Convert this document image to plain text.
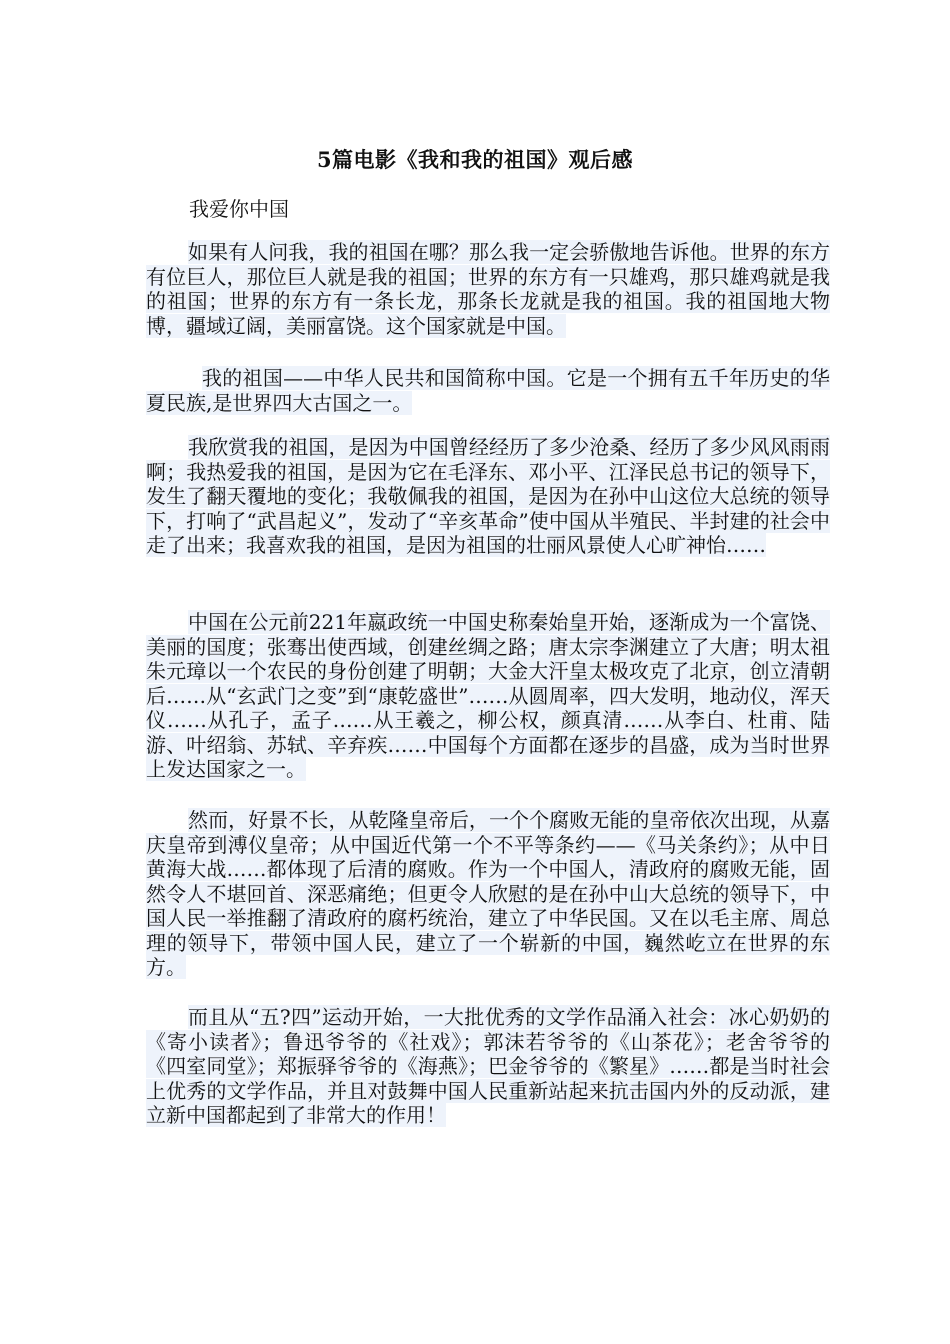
5篇电影《我和我的祖国》观后感
我爱你中国

如果有人问我，我的祖国在哪？那么我一定会骄傲地告诉他。世界的东方有位巨人，那位巨人就是我的祖国；世界的东方有一只雄鸡，那只雄鸡就是我的祖国；世界的东方有一条长龙，那条长龙就是我的祖国。我的祖国地大物博，疆域辽阔，美丽富饶。这个国家就是中国。

我的祖国——中华人民共和国简称中国。它是一个拥有五千年历史的华夏民族,是世界四大古国之一。

我欣赏我的祖国，是因为中国曾经经历了多少沧桑、经历了多少风风雨雨啊；我热爱我的祖国，是因为它在毛泽东、邓小平、江泽民总书记的领导下，发生了翻天覆地的变化；我敬佩我的祖国，是因为在孙中山这位大总统的领导下，打响了“武昌起义”，发动了“辛亥革命”使中国从半殖民、半封建的社会中走了出来；我喜欢我的祖国，是因为祖国的壮丽风景使人心旷神怡……

中国在公元前221年嬴政统一中国史称秦始皇开始，逐渐成为一个富饶、美丽的国度；张骞出使西域，创建丝绸之路；唐太宗李渊建立了大唐；明太祖朱元璋以一个农民的身份创建了明朝；大金大汗皇太极攻克了北京，创立清朝后……从“玄武门之变”到“康乾盛世”……从圆周率，四大发明，地动仪，浑天仪……从孔子，孟子……从王羲之，柳公权，颜真清……从李白、杜甫、陆游、叶绍翁、苏轼、辛弃疾……中国每个方面都在逐步的昌盛，成为当时世界上发达国家之一。

然而，好景不长，从乾隆皇帝后，一个个腐败无能的皇帝依次出现，从嘉庆皇帝到溥仪皇帝；从中国近代第一个不平等条约——《马关条约》；从中日黄海大战……都体现了后清的腐败。作为一个中国人，清政府的腐败无能，固然令人不堪回首、深恶痛绝；但更令人欣慰的是在孙中山大总统的领导下，中国人民一举推翻了清政府的腐朽统治，建立了中华民国。又在以毛主席、周总理的领导下，带领中国人民，建立了一个崭新的中国，巍然屹立在世界的东方。

而且从“五?四”运动开始，一大批优秀的文学作品涌入社会：冰心奶奶的《寄小读者》；鲁迅爷爷的《社戏》；郭沫若爷爷的《山茶花》；老舍爷爷的《四室同堂》；郑振驿爷爷的《海燕》；巴金爷爷的《繁星》……都是当时社会上优秀的文学作品，并且对鼓舞中国人民重新站起来抗击国内外的反动派，建立新中国都起到了非常大的作用！
